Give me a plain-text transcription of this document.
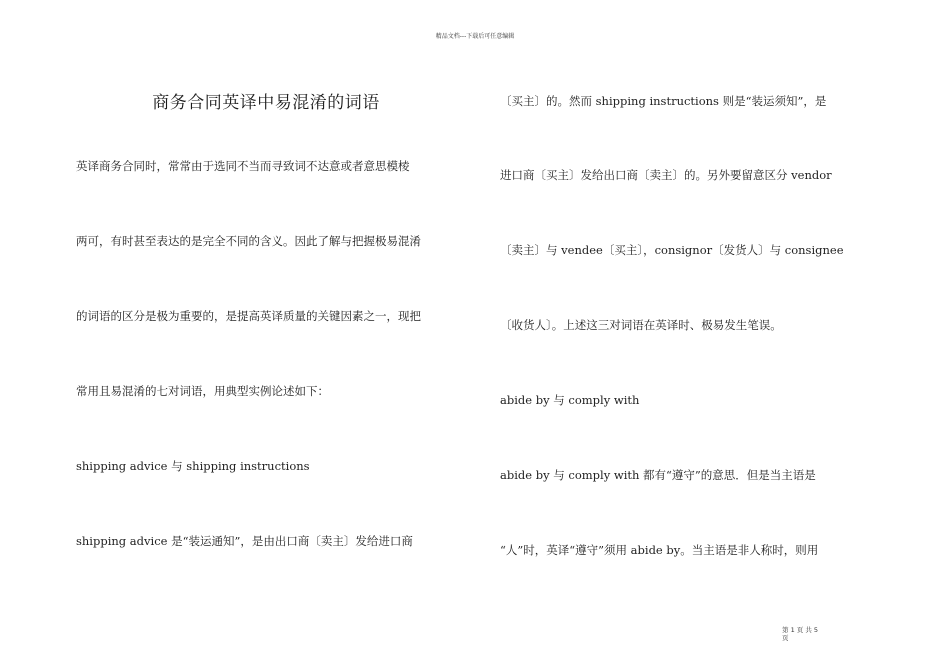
精品文档---下载后可任意编辑
商务合同英译中易混淆的词语
英译商务合同时，常常由于选同不当而寻致词不达意或者意思模棱
两可，有时甚至表达的是完全不同的含义。因此了解与把握极易混淆
的词语的区分是极为重要的，是提高英译质量的关键因素之一，现把
常用且易混淆的七对词语，用典型实例论述如下：
shipping advice 与 shipping instructions
shipping advice 是“装运通知”，是由出口商〔卖主〕发给进口商
〔买主〕的。然而 shipping instructions 则是“装运须知”，是
进口商〔买主〕发给出口商〔卖主〕的。另外要留意区分 vendor
〔卖主〕与 vendee〔买主〕，consignor〔发货人〕与 consignee
〔收货人〕。上述这三对词语在英译时、极易发生笔误。
abide by 与 comply with
abide by 与 comply with 都有“遵守”的意思．但是当主语是
“人”时，英译“遵守”须用 abide by。当主语是非人称时，则用
第 1 页 共 5
页
